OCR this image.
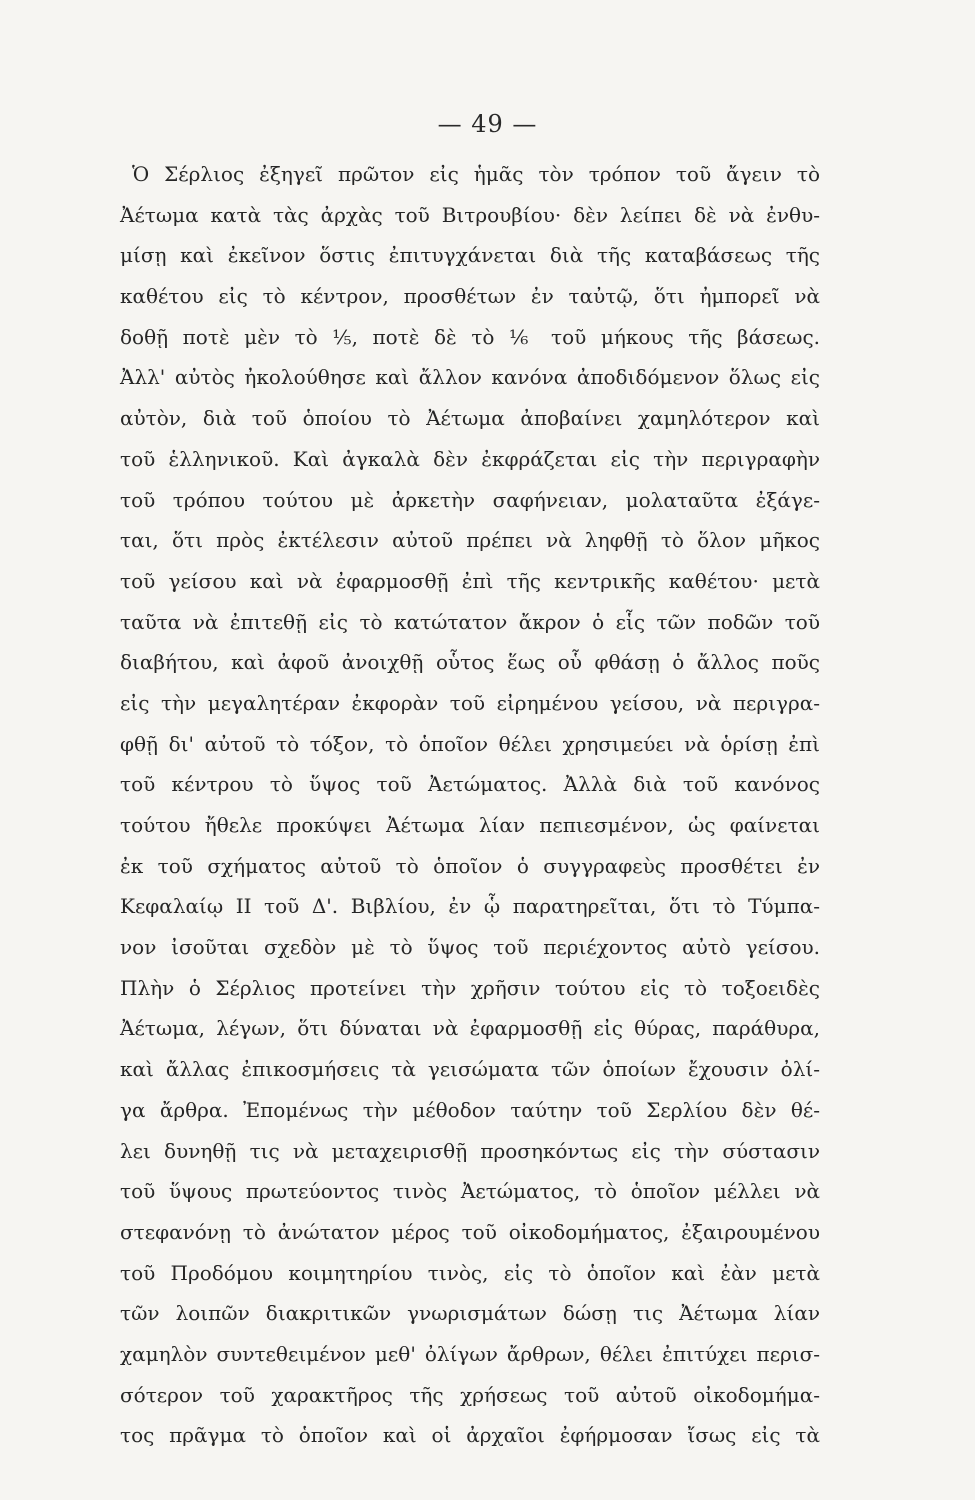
— 49 —
Ὁ Σέρλιος ἐξηγεῖ πρῶτον εἰς ἡμᾶς τὸν τρόπον τοῦ ἄγειν τὸ
Ἀέτωμα κατὰ τὰς ἀρχὰς τοῦ Βιτρουβίου· δὲν λείπει δὲ νὰ ἐνθυ-
μίσῃ καὶ ἐκεῖνον ὅστις ἐπιτυγχάνεται διὰ τῆς καταβάσεως τῆς
καθέτου εἰς τὸ κέντρον, προσθέτων ἐν ταὐτῷ, ὅτι ἠμπορεῖ νὰ
δοθῇ ποτὲ μὲν τὸ ⅕, ποτὲ δὲ τὸ ⅙ τοῦ μήκους τῆς βάσεως.
Ἀλλ' αὐτὸς ἠκολούθησε καὶ ἄλλον κανόνα ἀποδιδόμενον ὅλως εἰς
αὐτὸν, διὰ τοῦ ὁποίου τὸ Ἀέτωμα ἀποβαίνει χαμηλότερον καὶ
τοῦ ἑλληνικοῦ. Καὶ ἀγκαλὰ δὲν ἐκφράζεται εἰς τὴν περιγραφὴν
τοῦ τρόπου τούτου μὲ ἀρκετὴν σαφήνειαν, μολαταῦτα ἐξάγε-
ται, ὅτι πρὸς ἐκτέλεσιν αὐτοῦ πρέπει νὰ ληφθῇ τὸ ὅλον μῆκος
τοῦ γείσου καὶ νὰ ἐφαρμοσθῇ ἐπὶ τῆς κεντρικῆς καθέτου· μετὰ
ταῦτα νὰ ἐπιτεθῇ εἰς τὸ κατώτατον ἄκρον ὁ εἷς τῶν ποδῶν τοῦ
διαβήτου, καὶ ἀφοῦ ἀνοιχθῇ οὗτος ἕως οὗ φθάσῃ ὁ ἄλλος ποῦς
εἰς τὴν μεγαλητέραν ἐκφορὰν τοῦ εἰρημένου γείσου, νὰ περιγρα-
φθῇ δι' αὐτοῦ τὸ τόξον, τὸ ὁποῖον θέλει χρησιμεύει νὰ ὁρίσῃ ἐπὶ
τοῦ κέντρου τὸ ὕψος τοῦ Ἀετώματος. Ἀλλὰ διὰ τοῦ κανόνος
τούτου ἤθελε προκύψει Ἀέτωμα λίαν πεπιεσμένον, ὡς φαίνεται
ἐκ τοῦ σχήματος αὐτοῦ τὸ ὁποῖον ὁ συγγραφεὺς προσθέτει ἐν
Κεφαλαίῳ II τοῦ Δ'. Βιβλίου, ἐν ᾧ παρατηρεῖται, ὅτι τὸ Τύμπα-
νον ἰσοῦται σχεδὸν μὲ τὸ ὕψος τοῦ περιέχοντος αὐτὸ γείσου.
Πλὴν ὁ Σέρλιος προτείνει τὴν χρῆσιν τούτου εἰς τὸ τοξοειδὲς
Ἀέτωμα, λέγων, ὅτι δύναται νὰ ἐφαρμοσθῇ εἰς θύρας, παράθυρα,
καὶ ἄλλας ἐπικοσμήσεις τὰ γεισώματα τῶν ὁποίων ἔχουσιν ὀλί-
γα ἄρθρα. Ἐπομένως τὴν μέθοδον ταύτην τοῦ Σερλίου δὲν θέ-
λει δυνηθῇ τις νὰ μεταχειρισθῇ προσηκόντως εἰς τὴν σύστασιν
τοῦ ὕψους πρωτεύοντος τινὸς Ἀετώματος, τὸ ὁποῖον μέλλει νὰ
στεφανόνῃ τὸ ἀνώτατον μέρος τοῦ οἰκοδομήματος, ἐξαιρουμένου
τοῦ Προδόμου κοιμητηρίου τινὸς, εἰς τὸ ὁποῖον καὶ ἐὰν μετὰ
τῶν λοιπῶν διακριτικῶν γνωρισμάτων δώσῃ τις Ἀέτωμα λίαν
χαμηλὸν συντεθειμένον μεθ' ὀλίγων ἄρθρων, θέλει ἐπιτύχει περισ-
σότερον τοῦ χαρακτῆρος τῆς χρήσεως τοῦ αὐτοῦ οἰκοδομήμα-
τος πρᾶγμα τὸ ὁποῖον καὶ οἱ ἀρχαῖοι ἐφήρμοσαν ἴσως εἰς τὰ
